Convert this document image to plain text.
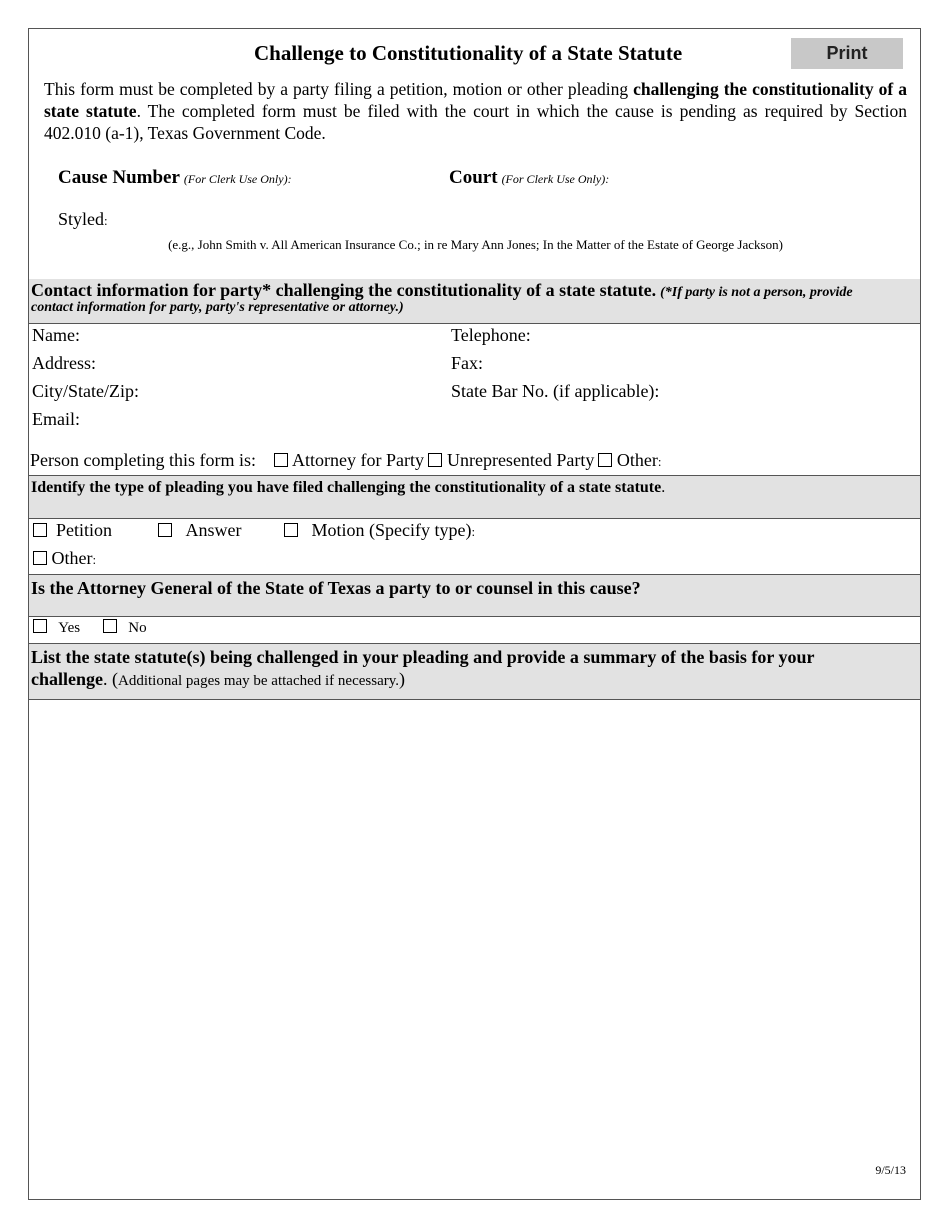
Challenge to Constitutionality of a State Statute	Print
This form must be completed by a party filing a petition, motion or other pleading challenging the constitutionality of a state statute. The completed form must be filed with the court in which the cause is pending as required by Section 402.010 (a-1), Texas Government Code.
Cause Number (For Clerk Use Only):	Court (For Clerk Use Only):
Styled:
(e.g., John Smith v. All American Insurance Co.; in re Mary Ann Jones; In the Matter of the Estate of George Jackson)
Contact information for party* challenging the constitutionality of a state statute. (*If party is not a person, provide
contact information for party, party's representative or attorney.)
Name:	Telephone:
Address:	Fax:
City/State/Zip:	State Bar No. (if applicable):
Email:
Person completing this form is: Attorney for Party Unrepresented Party Other:
Identify the type of pleading you have filed challenging the constitutionality of a state statute.
Petition	Answer	Motion (Specify type):
Other:
Is the Attorney General of the State of Texas a party to or counsel in this cause?
Yes	No
List the state statute(s) being challenged in your pleading and provide a summary of the basis for your
challenge. (Additional pages may be attached if necessary.)
9/5/13
